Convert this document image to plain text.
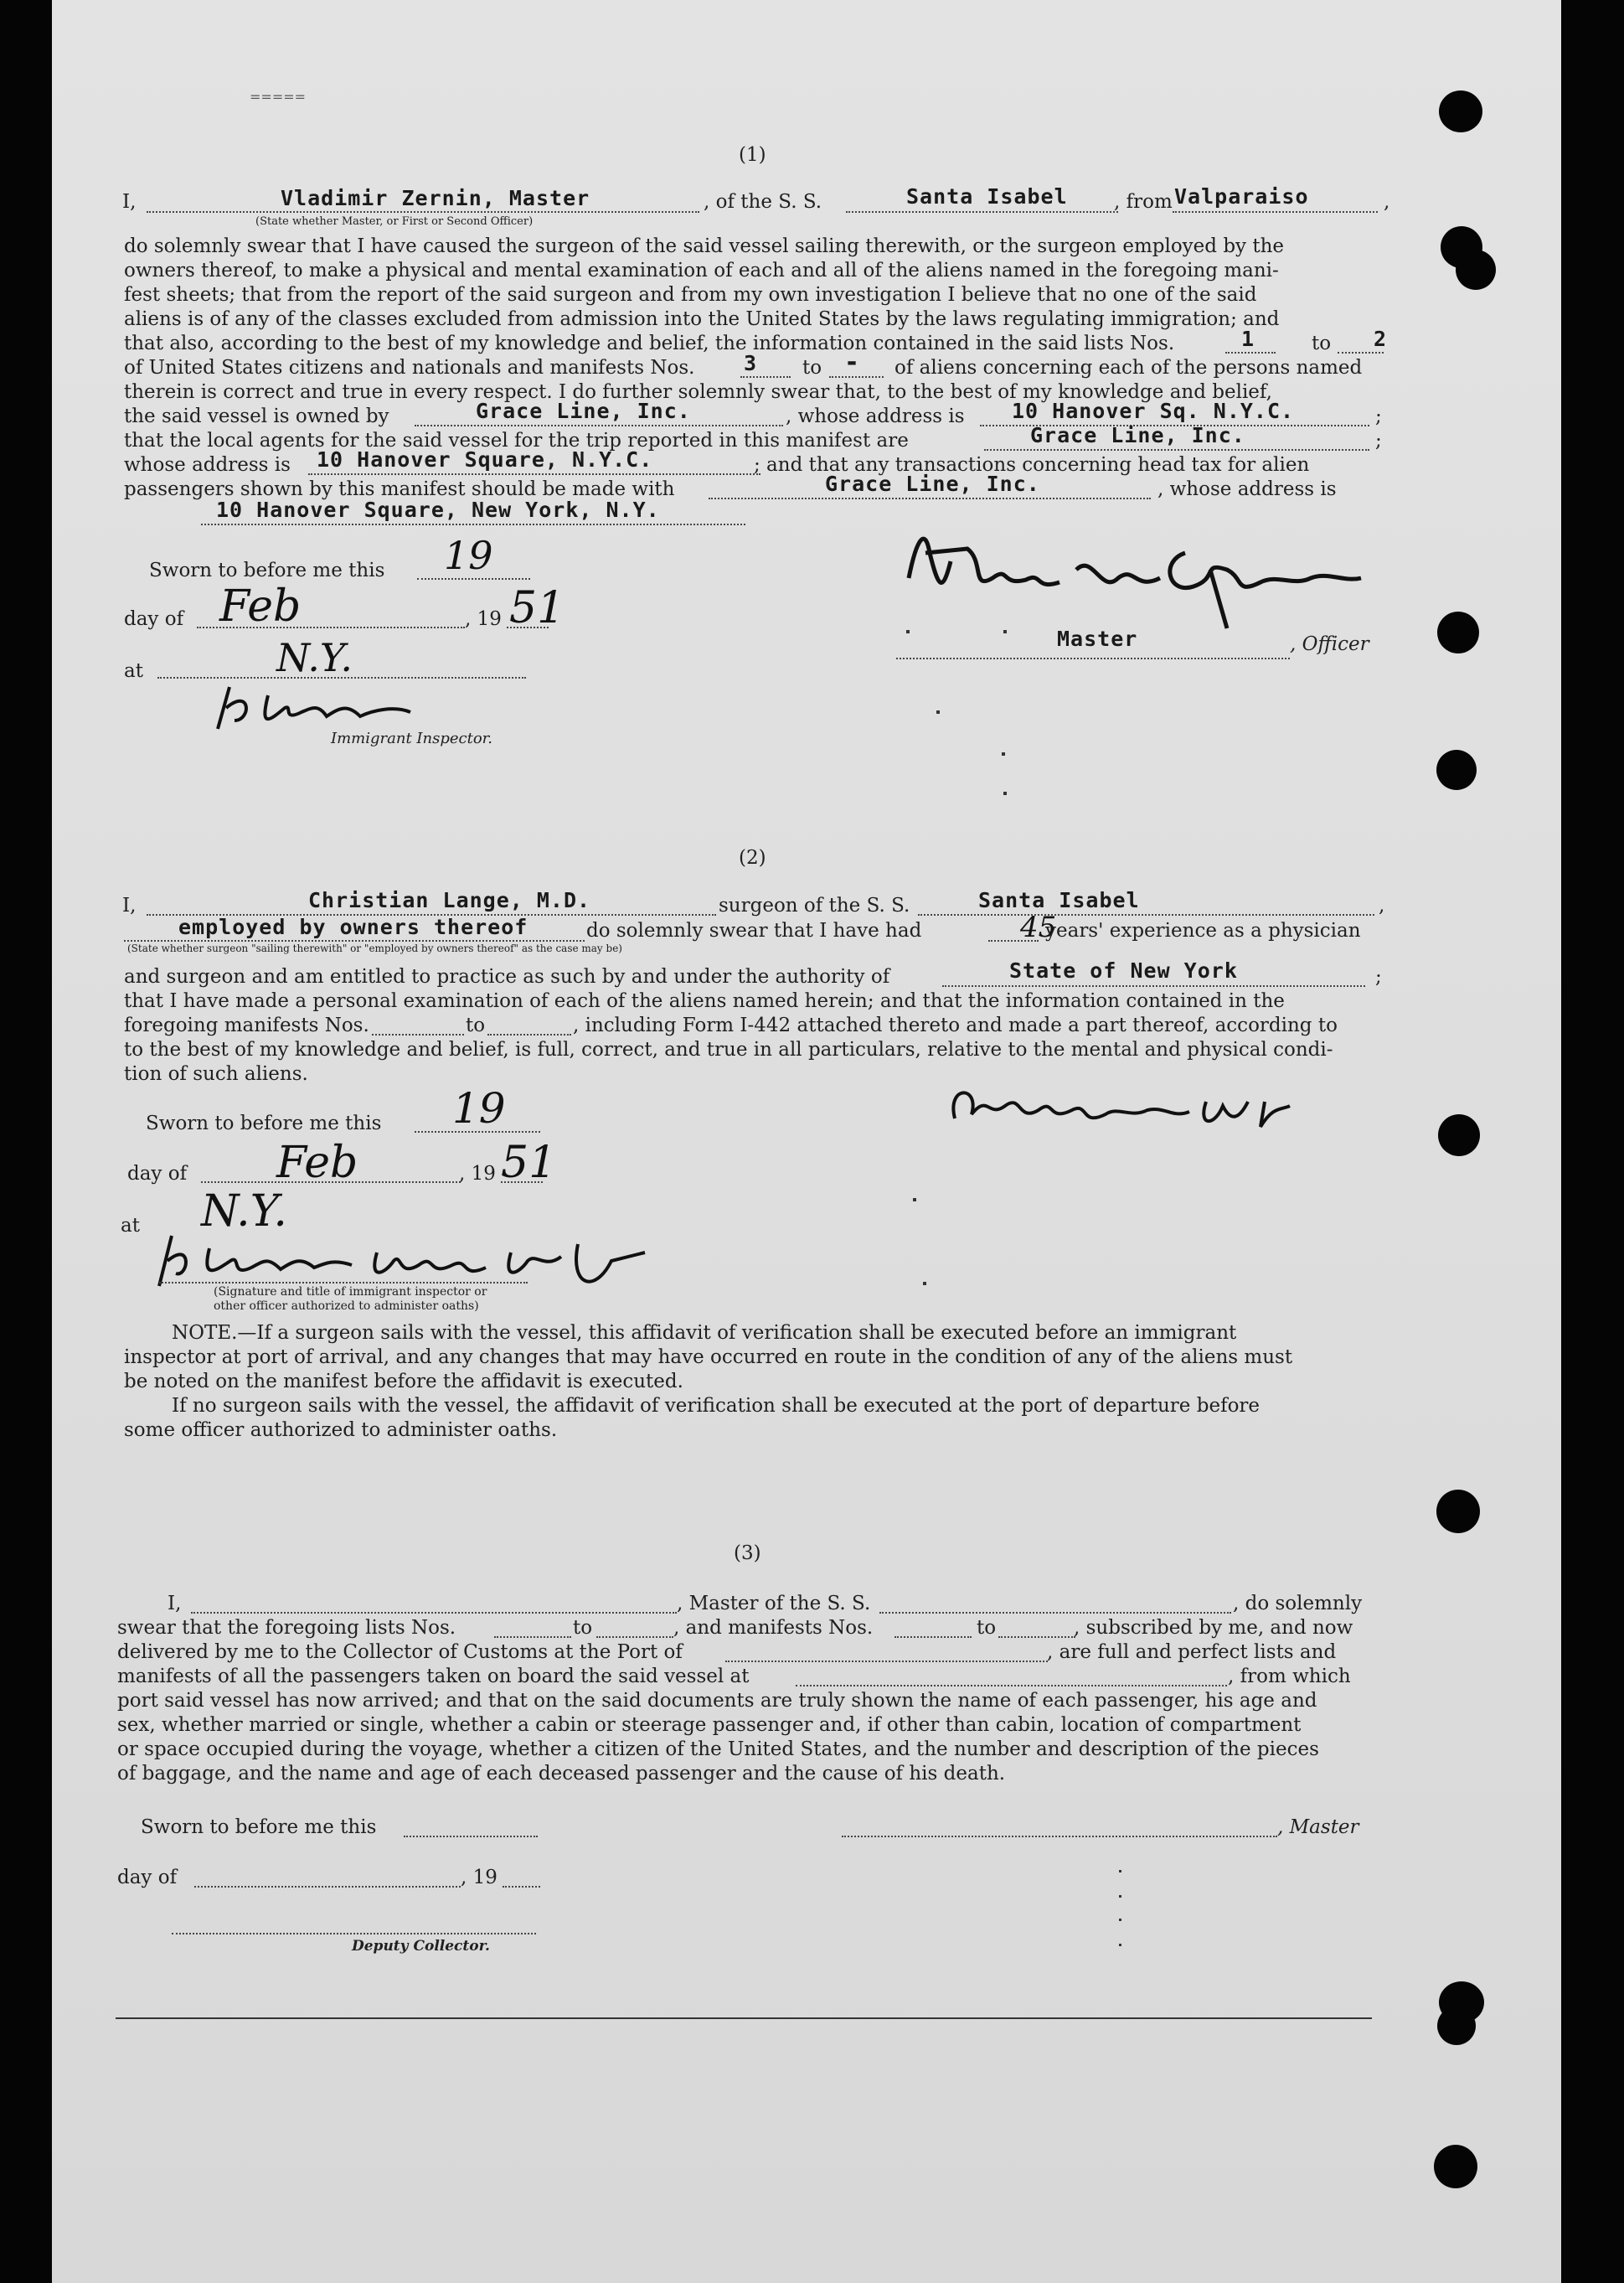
=====
(1)
I,	Vladimir Zernin, Master	, of the S. S.	Santa Isabel , from Valparaiso	,
(State whether Master, or First or Second Officer)
do solemnly swear that I have caused the surgeon of the said vessel sailing therewith, or the surgeon employed by the
owners thereof, to make a physical and mental examination of each and all of the aliens named in the foregoing mani-
fest sheets; that from the report of the said surgeon and from my own investigation I believe that no one of the said
aliens is of any of the classes excluded from admission into the United States by the laws regulating immigration; and
that also, according to the best of my knowledge and belief, the information contained in the said lists Nos.	1	to 2
of United States citizens and nationals and manifests Nos. 3 to - of aliens concerning each of the persons named
therein is correct and true in every respect. I do further solemnly swear that, to the best of my knowledge and belief,
the said vessel is owned by	Grace Line, Inc.	, whose address is 10 Hanover Sq. N.Y.C.	;
that the local agents for the said vessel for the trip reported in this manifest are	Grace Line, Inc.	;
whose address is 10 Hanover Square, N.Y.C.	; and that any transactions concerning head tax for alien
passengers shown by this manifest should be made with	Grace Line, Inc.	, whose address is
10 Hanover Square, New York, N.Y.
Sworn to before me this 19
day of Feb	, 19 51
at	N.Y.
Immigrant Inspector.
Master	, Officer
(2)
I,	Christian Lange, M.D.	surgeon of the S. S.	Santa Isabel	,
employed by owners thereof	do solemnly swear that I have had	45
years' experience as a physician
(State whether surgeon "sailing therewith" or "employed by owners thereof" as the case may be)
and surgeon and am entitled to practice as such by and under the authority of	State of New York	;
that I have made a personal examination of each of the aliens named herein; and that the information contained in the
foregoing manifests Nos.	to	, including Form I-442 attached thereto and made a part thereof, according to
to the best of my knowledge and belief, is full, correct, and true in all particulars, relative to the mental and physical condi-
tion of such aliens.
Sworn to before me this 19
day of Feb	, 19 51
at N.Y.
(Signature and title of immigrant inspector or
other officer authorized to administer oaths)
NOTE.—If a surgeon sails with the vessel, this affidavit of verification shall be executed before an immigrant
inspector at port of arrival, and any changes that may have occurred en route in the condition of any of the aliens must
be noted on the manifest before the affidavit is executed.
If no surgeon sails with the vessel, the affidavit of verification shall be executed at the port of departure before
some officer authorized to administer oaths.
(3)
I,	, Master of the S. S.	, do solemnly
swear that the foregoing lists Nos.	to	, and manifests Nos.	to	, subscribed by me, and now
delivered by me to the Collector of Customs at the Port of	, are full and perfect lists and
manifests of all the passengers taken on board the said vessel at	, from which
port said vessel has now arrived; and that on the said documents are truly shown the name of each passenger, his age and
sex, whether married or single, whether a cabin or steerage passenger and, if other than cabin, location of compartment
or space occupied during the voyage, whether a citizen of the United States, and the number and description of the pieces
of baggage, and the name and age of each deceased passenger and the cause of his death.
Sworn to before me this	, Master
day of	, 19
Deputy Collector.
